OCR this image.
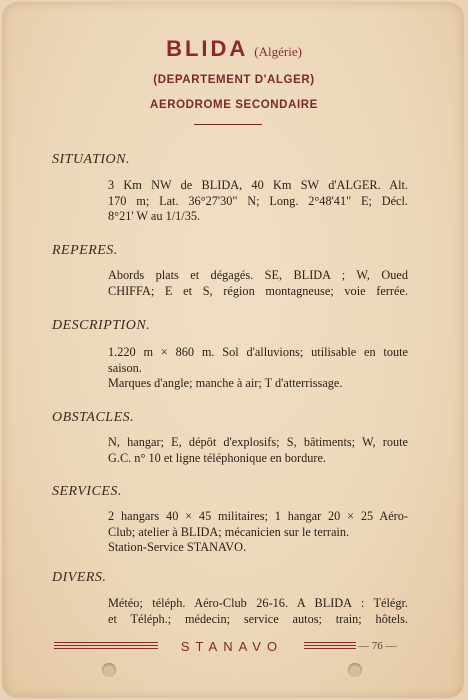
BLIDA (Algérie)
(DEPARTEMENT D'ALGER)
AERODROME SECONDAIRE
SITUATION.
3 Km NW de BLIDA, 40 Km SW d'ALGER. Alt.
170 m; Lat. 36°27'30" N; Long. 2°48'41" E; Décl.
8°21' W au 1/1/35.
REPERES.
Abords plats et dégagés. SE, BLIDA ; W, Oued
CHIFFA; E et S, région montagneuse; voie ferrée.
DESCRIPTION.
1.220 m × 860 m. Sol d'alluvions; utilisable en toute
saison.
Marques d'angle; manche à air; T d'atterrissage.
OBSTACLES.
N, hangar; E, dépôt d'explosifs; S, bâtiments; W, route
G.C. n° 10 et ligne téléphonique en bordure.
SERVICES.
2 hangars 40 × 45 militaires; 1 hangar 20 × 25 Aéro-
Club; atelier à BLIDA; mécanicien sur le terrain.
Station-Service STANAVO.
DIVERS.
Météo; téléph. Aéro-Club 26-16. A BLIDA : Télégr.
et Téléph.; médecin; service autos; train; hôtels.
STANAVO	— 76 —
